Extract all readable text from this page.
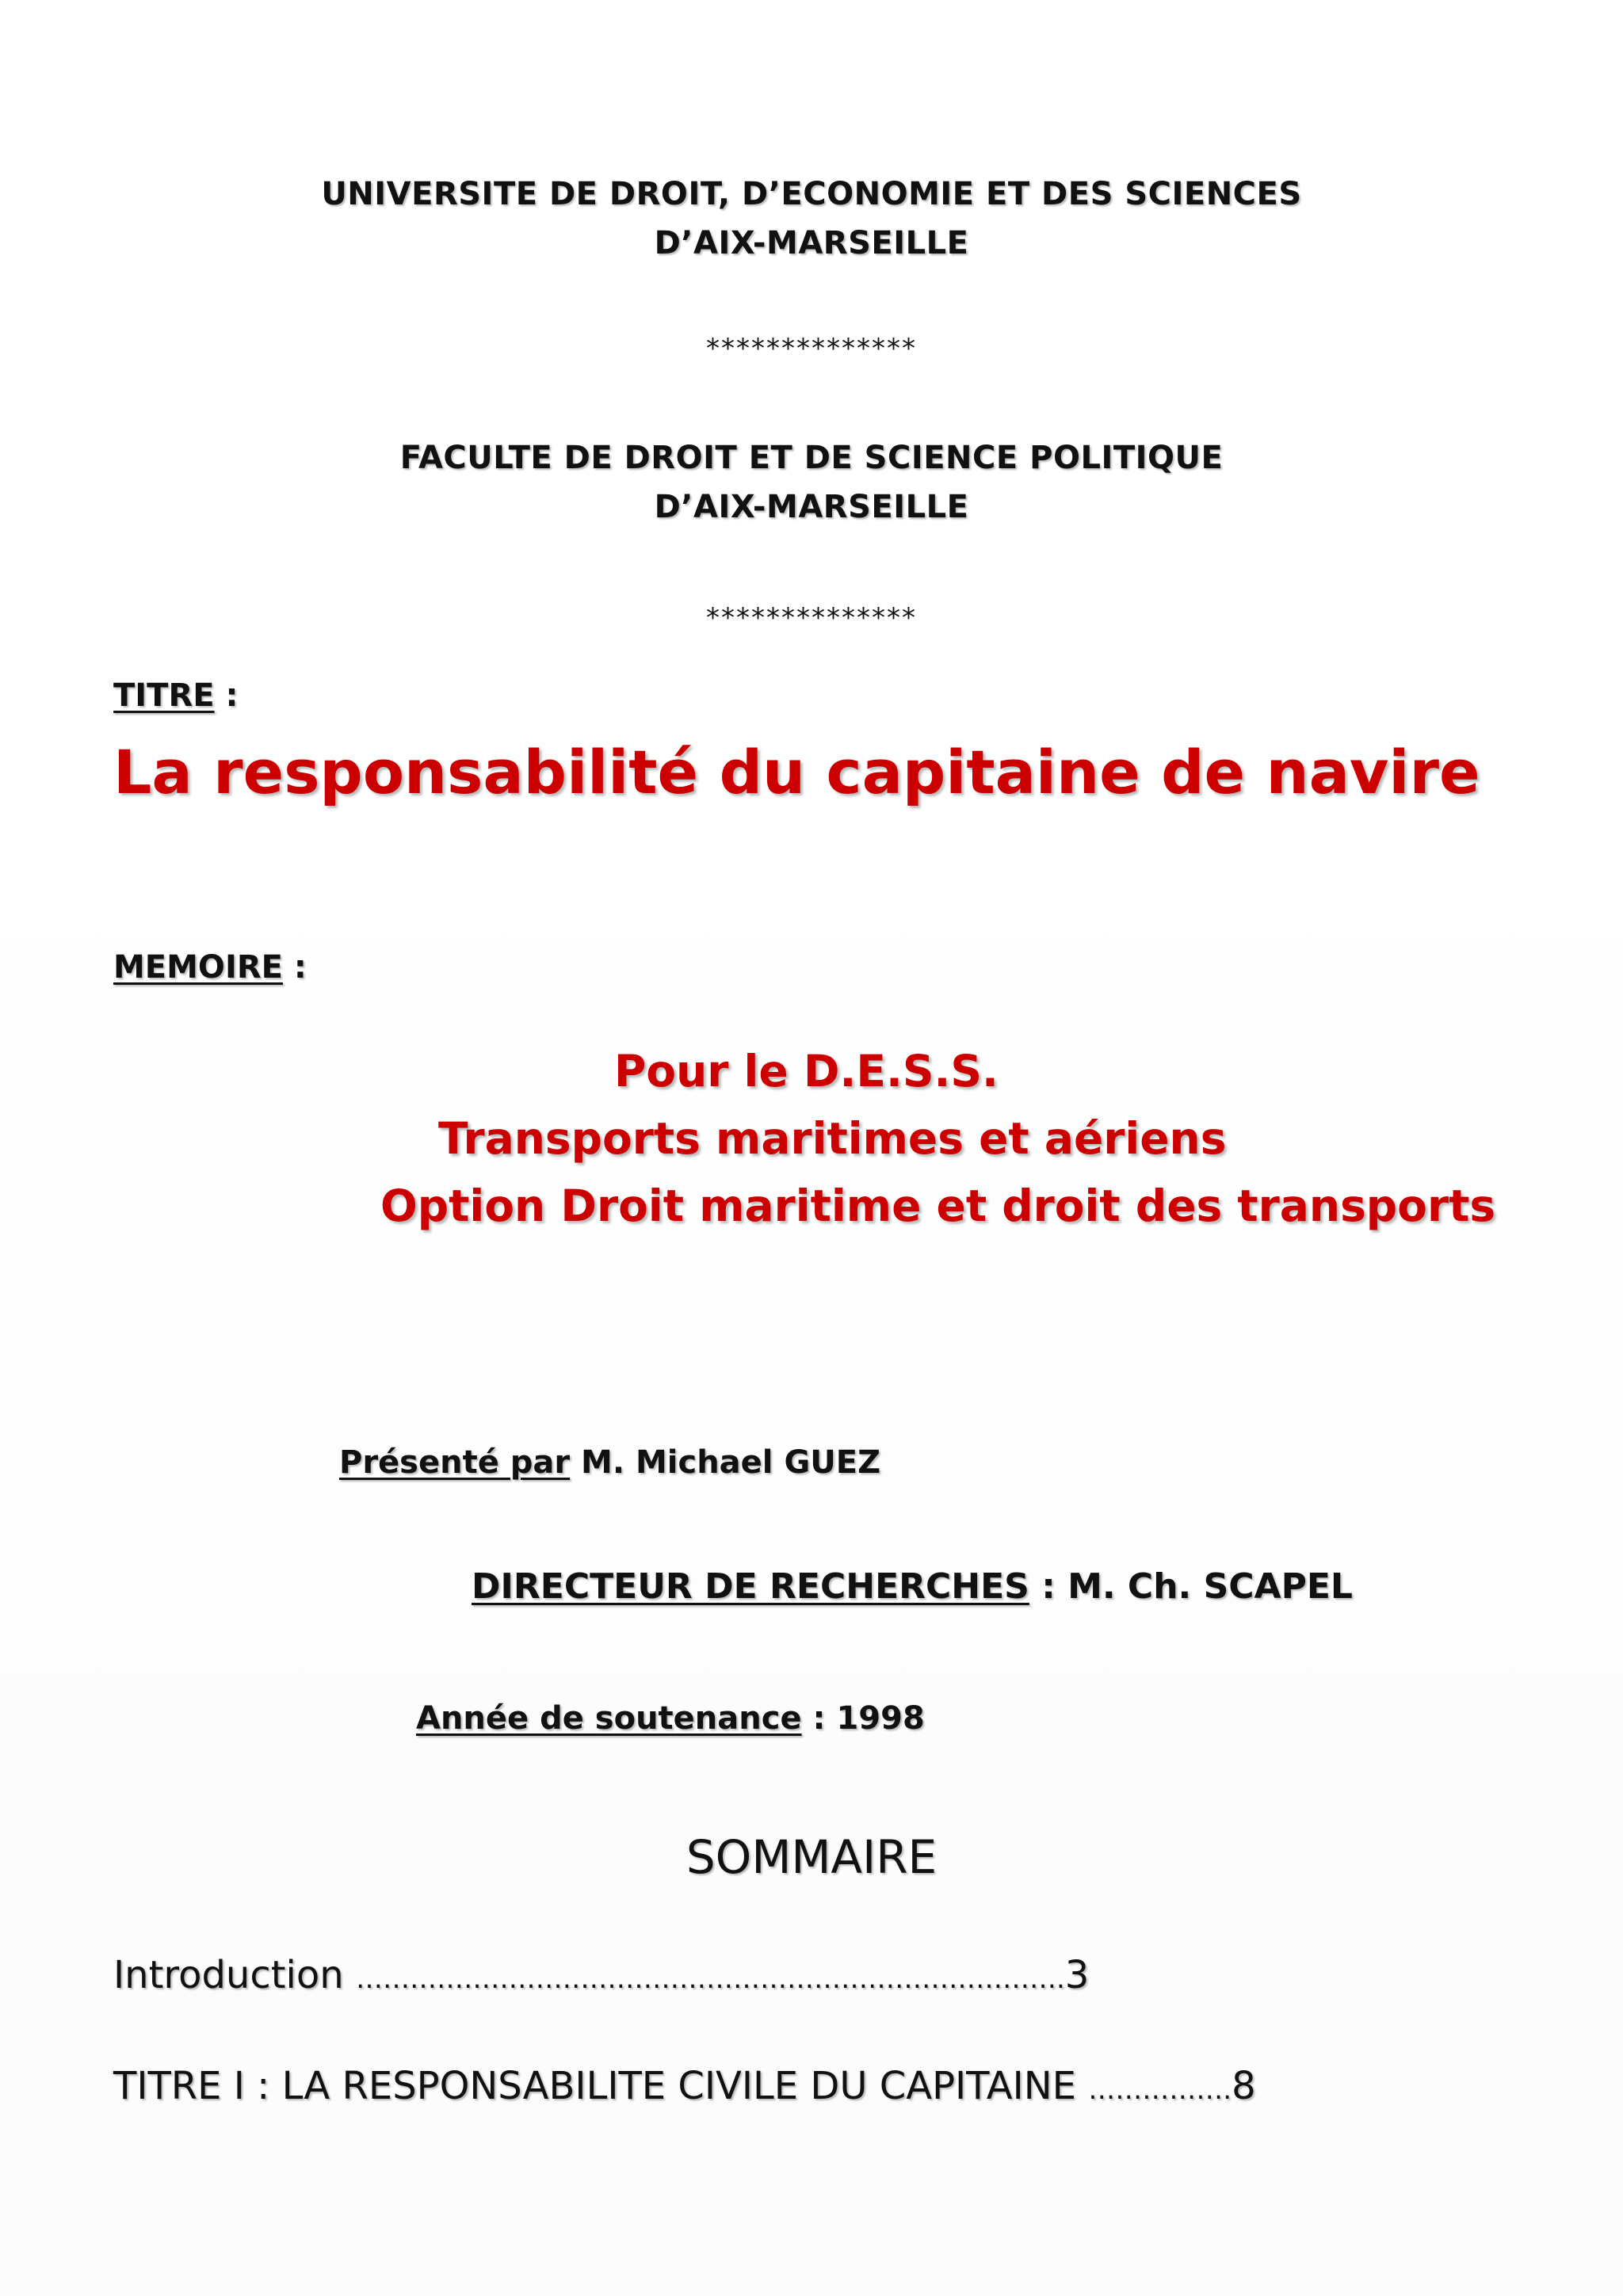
UNIVERSITE DE DROIT, D’ECONOMIE ET DES SCIENCES
D’AIX-MARSEILLE
**************
FACULTE DE DROIT ET DE SCIENCE POLITIQUE
D’AIX-MARSEILLE
**************
TITRE :
La responsabilité du capitaine de navire
MEMOIRE :
Pour le D.E.S.S.
Transports maritimes et aériens
Option Droit maritime et droit des transports
Présenté par M. Michael GUEZ
DIRECTEUR DE RECHERCHES : M. Ch. SCAPEL
Année de soutenance : 1998
SOMMAIRE
Introduction …………………………………………………………………….3
TITRE I : LA RESPONSABILITE CIVILE DU CAPITAINE …………….8
